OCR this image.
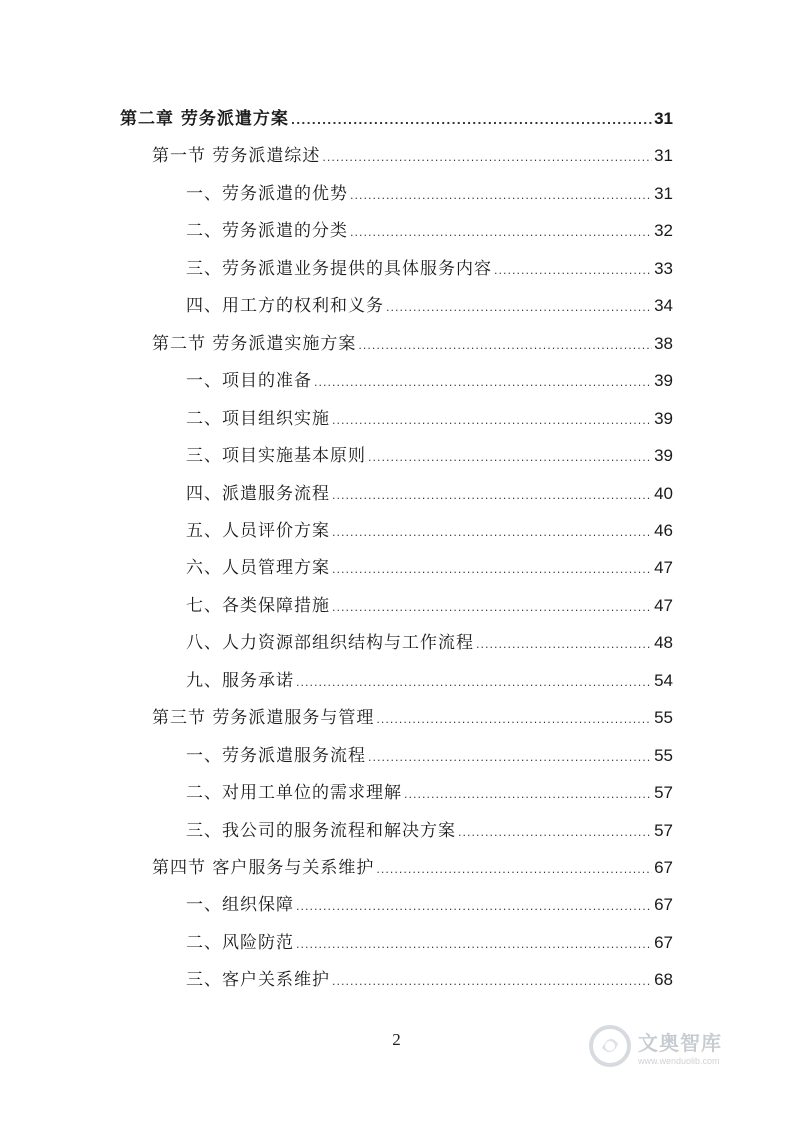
第二章 劳务派遣方案 .....	31
第一节 劳务派遣综述 .....	31
一、劳务派遣的优势 .....	31
二、劳务派遣的分类 .....	32
三、劳务派遣业务提供的具体服务内容 .....	33
四、用工方的权利和义务 .....	34
第二节 劳务派遣实施方案 .....	38
一、项目的准备 .....	39
二、项目组织实施 .....	39
三、项目实施基本原则 .....	39
四、派遣服务流程 .....	40
五、人员评价方案 .....	46
六、人员管理方案 .....	47
七、各类保障措施 .....	47
八、人力资源部组织结构与工作流程 .....	48
九、服务承诺 .....	54
第三节 劳务派遣服务与管理 .....	55
一、劳务派遣服务流程 .....	55
二、对用工单位的需求理解 .....	57
三、我公司的服务流程和解决方案 .....	57
第四节 客户服务与关系维护 .....	67
一、组织保障 .....	67
二、风险防范 .....	67
三、客户关系维护 .....	68
2	文奥智库
www.wenduolib.com
